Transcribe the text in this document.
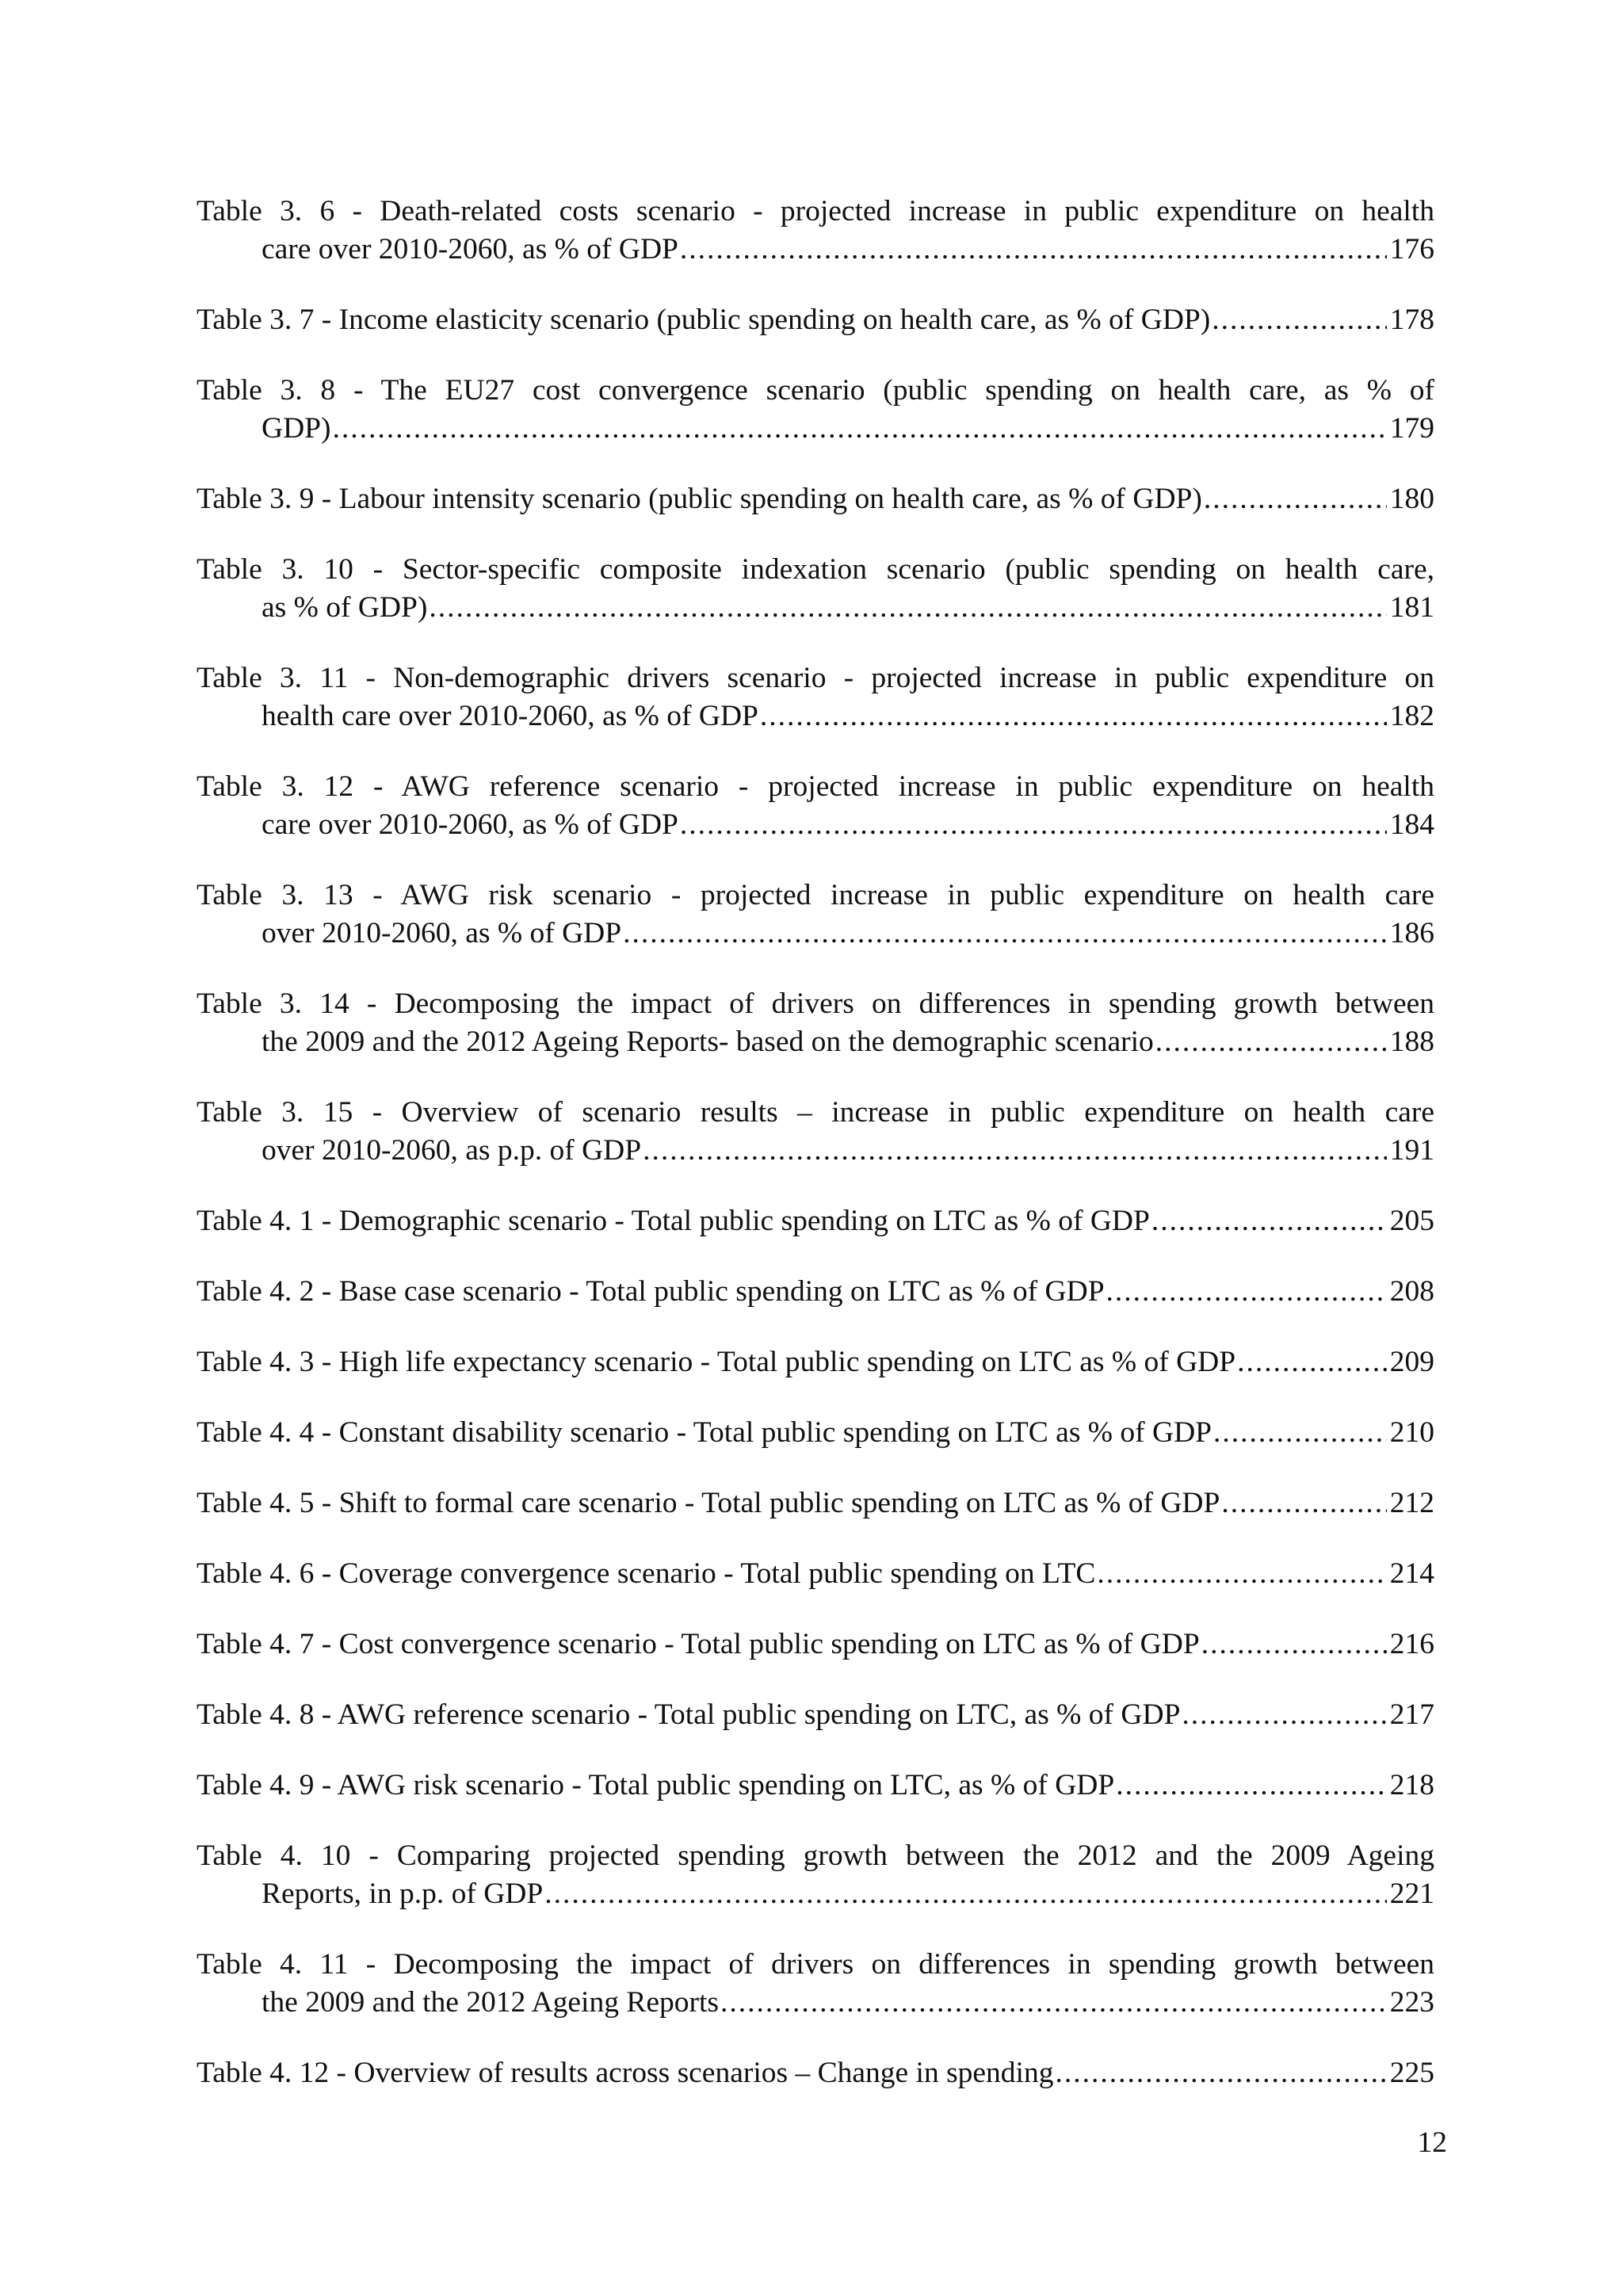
Table 3. 6 - Death-related costs scenario - projected increase in public expenditure on health
care over 2010-2060, as % of GDP .....	176
Table 3. 7 - Income elasticity scenario (public spending on health care, as % of GDP) .....	178
Table 3. 8 - The EU27 cost convergence scenario (public spending on health care, as % of
GDP) .....	179
Table 3. 9 - Labour intensity scenario (public spending on health care, as % of GDP) .....	180
Table 3. 10 - Sector-specific composite indexation scenario (public spending on health care,
as % of GDP) .....	181
Table 3. 11 - Non-demographic drivers scenario - projected increase in public expenditure on
health care over 2010-2060, as % of GDP .....	182
Table 3. 12 - AWG reference scenario - projected increase in public expenditure on health
care over 2010-2060, as % of GDP .....	184
Table 3. 13 - AWG risk scenario - projected increase in public expenditure on health care
over 2010-2060, as % of GDP .....	186
Table 3. 14 - Decomposing the impact of drivers on differences in spending growth between
the 2009 and the 2012 Ageing Reports- based on the demographic scenario .....	188
Table 3. 15 - Overview of scenario results – increase in public expenditure on health care
over 2010-2060, as p.p. of GDP .....	191
Table 4. 1 - Demographic scenario - Total public spending on LTC as % of GDP .....	205
Table 4. 2 - Base case scenario - Total public spending on LTC as % of GDP .....	208
Table 4. 3 - High life expectancy scenario - Total public spending on LTC as % of GDP .....	209
Table 4. 4 - Constant disability scenario - Total public spending on LTC as % of GDP .....	210
Table 4. 5 - Shift to formal care scenario - Total public spending on LTC as % of GDP .....	212
Table 4. 6 - Coverage convergence scenario - Total public spending on LTC .....	214
Table 4. 7 - Cost convergence scenario - Total public spending on LTC as % of GDP .....	216
Table 4. 8 - AWG reference scenario - Total public spending on LTC, as % of GDP .....	217
Table 4. 9 - AWG risk scenario - Total public spending on LTC, as % of GDP .....	218
Table 4. 10 - Comparing projected spending growth between the 2012 and the 2009 Ageing
Reports, in p.p. of GDP .....	221
Table 4. 11 - Decomposing the impact of drivers on differences in spending growth between
the 2009 and the 2012 Ageing Reports .....	223
Table 4. 12 - Overview of results across scenarios – Change in spending .....	225
12
